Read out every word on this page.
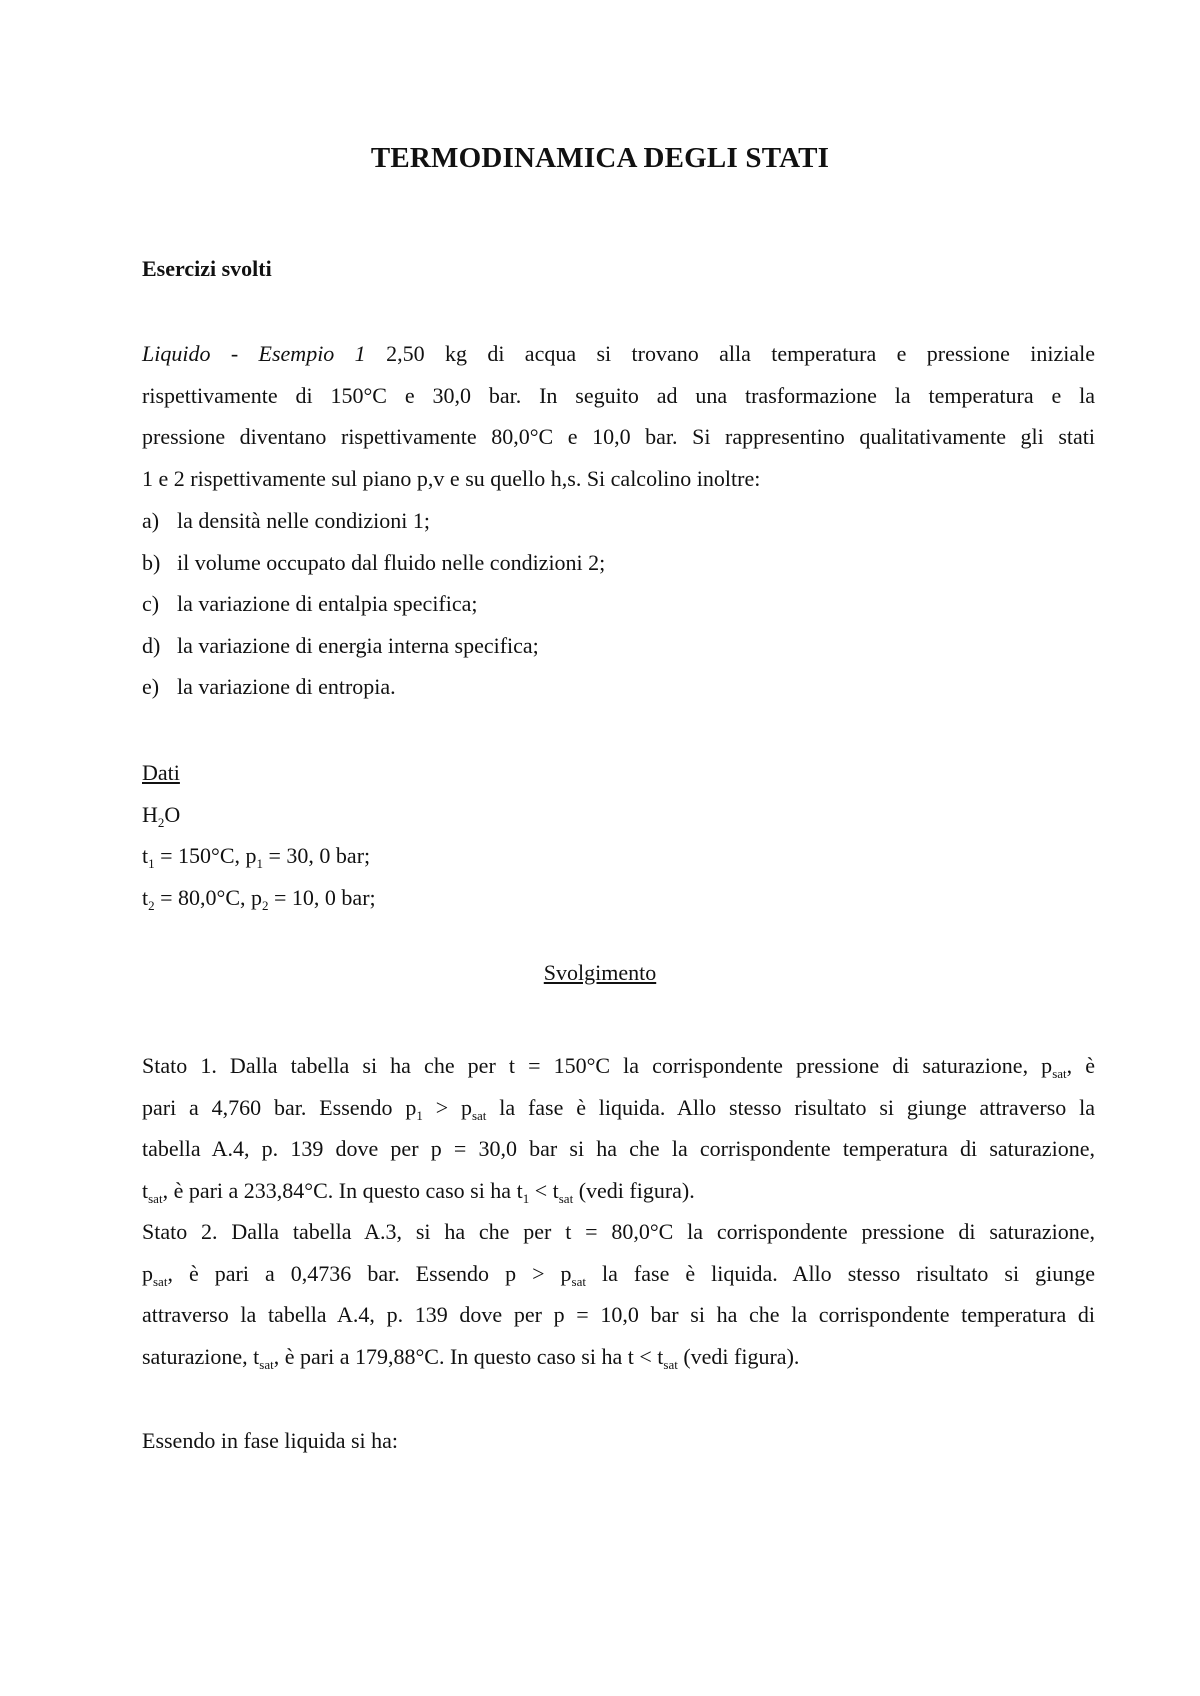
TERMODINAMICA DEGLI STATI
Esercizi svolti

Liquido - Esempio 1 2,50 kg di acqua si trovano alla temperatura e pressione iniziale

rispettivamente di 150°C e 30,0 bar. In seguito ad una trasformazione la temperatura e la

pressione diventano rispettivamente 80,0°C e 10,0 bar. Si rappresentino qualitativamente gli stati

1 e 2 rispettivamente sul piano p,v e su quello h,s. Si calcolino inoltre:

a) la densità nelle condizioni 1;
b) il volume occupato dal fluido nelle condizioni 2;
c) la variazione di entalpia specifica;
d) la variazione di energia interna specifica;
e) la variazione di entropia.
Dati
$H_2O$
$t_1 = 150^\circ C$, $p_1 = 30$, 0 bar;
$t_2 = 80,0^\circ C$, $p_2 = 10$, 0 bar;
Svolgimento

Stato 1. Dalla tabella si ha che per t = 150°C la corrispondente pressione di saturazione, $p_{sat}$, è

pari a 4,760 bar. Essendo $p_1 > p_{sat}$ la fase è liquida. Allo stesso risultato si giunge attraverso la

tabella A.4, p. 139 dove per p = 30,0 bar si ha che la corrispondente temperatura di saturazione,

$t_{sat}$, è pari a 233,84°C. In questo caso si ha $t_1 < t_{sat}$ (vedi figura).

Stato 2. Dalla tabella A.3, si ha che per t = 80,0°C la corrispondente pressione di saturazione,

$p_{sat}$, è pari a 0,4736 bar. Essendo $p > p_{sat}$ la fase è liquida. Allo stesso risultato si giunge

attraverso la tabella A.4, p. 139 dove per p = 10,0 bar si ha che la corrispondente temperatura di

saturazione, $t_{sat}$, è pari a 179,88°C. In questo caso si ha $t < t_{sat}$ (vedi figura).

Essendo in fase liquida si ha:
